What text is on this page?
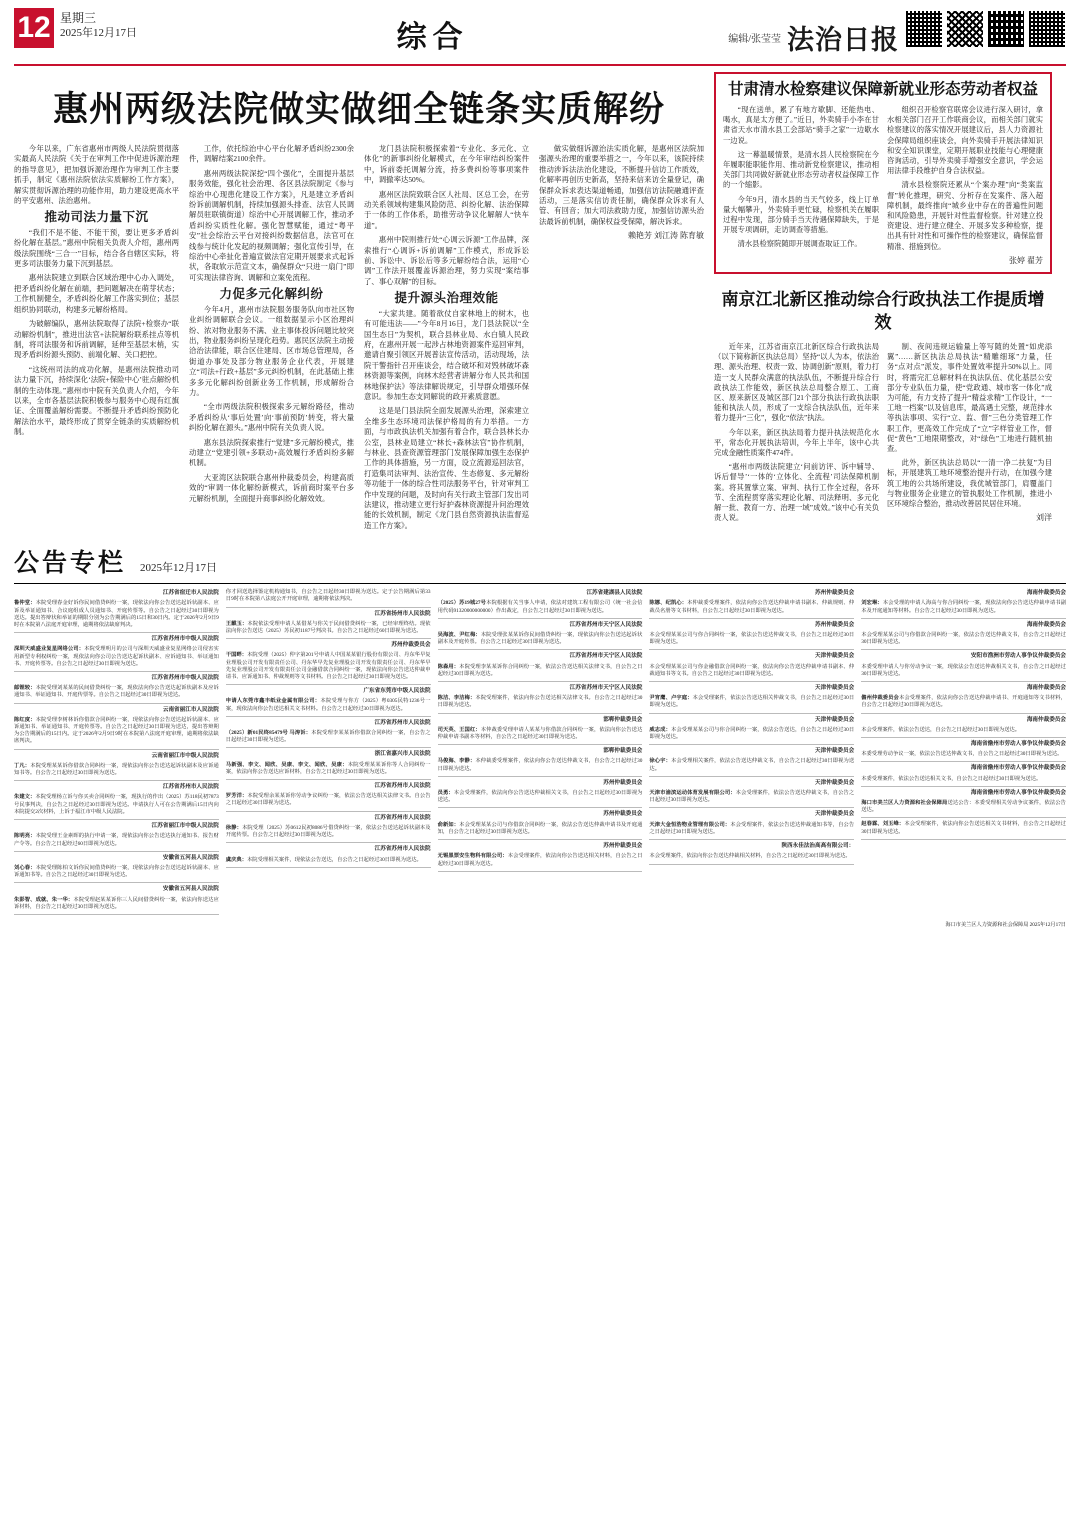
12 星期三
2025年12月17日	综合	编辑/张莹莹 法治日报
惠州两级法院做实做细全链条实质解纷

今年以来，广东省惠州市两级人民法院贯彻落实最高人民法院《关于在审判工作中促进诉源治理的指导意见》，把加强诉源治理作为审判工作主要抓手，制定《惠州法院依法实质解纷工作方案》，解实贯彻诉源治理的功能作用，助力建设更高水平的平安惠州、法治惠州。

推动司法力量下沉

“我们不是不能、不能干预，要让更多矛盾纠纷化解在基层。”惠州中院相关负责人介绍，惠州两级法院围绕“三合一”目标，结合各自辖区实际，将更多司法服务力量下沉到基层。

惠州法院建立到联合区域治理中心办入调处，把矛盾纠纷化解在前端，把问题解决在萌芽状态；工作机制健全，矛盾纠纷化解工作落实到位；基层组织协同联动，构建多元解纷格局。

为破解编队，惠州法院取得了法院+检察办“联动解纷机制”，推进出法官+法院解纷联系挂点等机制，将司法服务和诉前调解，延伸至基层末梢，实现矛盾纠纷源头预防、前端化解、关口把控。

“这统州司法的成功化解，是惠州法院推动司法力量下沉，持续深化‘法院+保险中心’驻点解纷机制的生动体现。”惠州市中院有关负责人介绍，今年以来，全市各基层法院积极参与服务中心现有红旗证、全面覆盖解纷需要。不断提升矛盾纠纷预防化解法治水平，最终形成了贯穿全链条的实质解纷机制。

工作，依托综治中心平台化解矛盾纠纷2300余件，调解结案2100余件。

惠州两级法院深挖“四个强化”，全面提升基层服务效能，强化社会治理、各区县法院制定《参与综治中心现患化建设工作方案》，凡是建立矛盾纠纷诉前调解机制，持续加强源头排查、法官人民调解员驻联镇街道）综治中心开展调解工作，推动矛盾纠纷实质性化解。强化智慧赋能，通过“粤平安”社会综治云平台对接纠纷数据信息，法官可在线参与统计化发起的视频调解；强化宣传引导，在综治中心牵扯化普遍宣做法官定期开展要求式起诉状，各取软示范宣文本，确保群众“只进一扇门”即可实现法律咨询、调解和立案免流程。

力促多元化解纠纷

今年4月，惠州市法院服务服务队向市社区物业纠纷调解联合会议。一组数据显示小区治理纠纷、浓对物业服务不满、业主事体投诉问题比较突出，物业服务纠纷呈现化趋势。惠民区法院主动接洽治法律能，联合区住建局、区市场总管理局，各街道办事处及部分物业服务企业代表，开展建立“司法+行政+基层”多元纠纷机制，在此基础上推多多元化解纠纷创新业务工作机制，形成解纷合力。

“全市两级法院积极探索多元解纷路径，推动矛盾纠纷从‘事后处置’向‘事前预防’转变，将大量纠纷化解在源头。”惠州中院有关负责人说。

惠东县法院探索推行“觉建”多元解纷模式，推动建立“党建引领+多联动+高效履行矛盾纠纷多解机制。

大亚湾区法院联合惠州仲裁委员会，构建高质效的“审调一体化解纷新模式，诉前商时案平台多元解纷机制，全面提升商事纠纷化解效效。

龙门县法院积极探索着“专业化、多元化、立体化”的新事纠纷化解模式，在今年审结纠纷案件中，诉前委托调解分流，持多费纠纷等事项案件中，调撤率达50%。

惠州区法院致联合区人社局、区总工会，在劳动关系领域构建集风险防范、纠纷化解、法治保障于一体的工作体系，助推劳动争议化解解人“快车道”。

惠州中院则推行处“心调云诉源”工作品牌，深索推行“心调诉+诉前调解”工作模式，形成诉讼前、诉讼中、诉讼后等多元解纷结合法，运用“心调”工作法开展覆盖诉源治理，努力实现“案结事了、事心双解”的目标。

提升源头治理效能

“大家共建。随着欲仗自家林地上的树木，也有可能违法——”今年8月16日，龙门县法院以“全国生态日”为契机，联合县林业局、水白镇人民政府，在惠州开展一起涉占林地资源案件巡回审判，邀请自聚引领区开展普法宣传活动，活动现场，法院干警指针召开座谈会，结合破坏和对毁林破坏森林资源等案例，向林木经营者讲解分布人民共和国林地保护法》等法律解说规定，引导群众增强环保意识。参加生态支同解说的政开素质意愿。

这是是门县法院全面发展源头治理，深索建立全维多生态环境司法保护格局的有力举措。一方面，与市政执法机关加强有着合作，联合县林长办公室，县林业局建立“林长+森林法官”协作机制，与林业、县查资源管理部门发展保障加强生态保护工作的具体措施，另一方面，设立流源巡回法官，打造集司法审判、法治宣传、生态修复、多元解纷等功能于一体的综合性司法服务平台，针对审判工作中发现的问题，及时向有关行政主管部门发出司法建议，推动建立更行好护森林资源提升问治理效能的长效机制，制定《龙门县自然资源执法监督巡造工作方案》。

做实做细诉源治法实质化解，是惠州区法院加强源头治理的重要举措之一，今年以来，该院持续推动涉诉法法治化建设，不断提升信访工作质效，化解率再创历史新高，坚持来信来访全量登记，确保群众诉求表达渠道畅通，加强信访法院融通评查活动，三是落实信访责任制，确保群众诉求有人管、有回音；加大司法救助力度，加强信访源头治法最诉前机制，确保权益受保障，解决诉求。

赖艳芳 刘江涛 陈育敏
甘肃清水检察建议保障新就业形态劳动者权益

“现在送单，累了有地方歇脚、还能热电、喝水，真是太方便了。”近日，外卖骑手小李在甘肃省天水市清水县工会部站“骑手之家”一边歇水一边说。

这一幕温暖情景，是清水县人民检察院在今年履职能职能作用、推动新党检察建议，推动相关部门共同做好新就业形态劳动者权益保障工作的一个缩影。

今年9月，清水县的当天气较多，线上订单量大幅攀升，外卖骑手更忙碌，检察机关在履职过程中发现，部分骑手当天待遇保障缺失，于是开展专项调研，走访调查等措施。

清水县检察院随即开展调查取证工作。

组织召开检察官联席会议进行深入研讨，拿水相关部门召开工作联商会议，而相关部门就实检察建议的落实情况开展建议后，县人力资源社会保障局组织座谈会，向外卖骑手开展法律知识和安全知识课堂，定期开展职业技能与心理健康咨询活动，引导外卖骑手增强安全意识，学会运用法律手段维护自身合法权益。

清水县检察院还累从“个案办理”向“类案监督”转化推理，研究、分析存在发案件、落入超障机制，最终推向“城乡业中存在的普遍性问题和风险隐患，开展针对性监督检察。针对建立投资建设、进行建立健全、开展多发多种检察，提出具有针对性和可操作性的检察建议，确保监督精准、措施到位。

张婷 翟芳
南京江北新区推动综合行政执法工作提质增效

近年来，江苏省南京江北新区综合行政执法局（以下简称新区执法总局）坚持“以人为本，依法治理、源头治理、权责一致、协调创新”原则，着力打造一支人民群众满意的执法队伍，不断提升综合行政执法工作能效，新区执法总局整合原工、工商区、原来新区及城区部门21个部分执法行政执法职能和执法人员，形成了一支综合执法队伍，近年来着力提升“三化”，强化“依法”执法。

今年以来，新区执法局着力提升执法规范化水平，常态化开展执法培训，今年上半年，该中心共完成金融性质案件474件。

“惠州市两级法院建立‘问前访评、诉中辅导、诉后督导’‘一体的‘立体化、全流程’司法保障机制案。将其置掌立案、审判、执行工作全过程，各环节、全流程贯穿落实理论化解、司法释明、多元化解一批、教育一方、治理一域”成效。”该中心有关负责人说。

制、夜间违规运输量上等写随的处置“如虎添翼”……新区执法总局执法“精雕细琢”力量，任务“点对点”派发，事件处置效率提升50%以上。同时，将需完汇总解材料在执法队伍、优化基层公安部分专业队伍力量，使“党政通、城市客一体化”成为可能，有力支持了提升“精益求精”工作设计，“一工地一档案”以及信息库，最高遇土完整，规范排水等执法事项、实行“立、监、督”三色分类管理工作职工作，更高效工作完成了“立”字样管业工作，督促“黄色”工地限期整改，对“绿色”工地进行随机抽查。

此外，新区执法总局以“一清一净二扶复”为目标，开展建筑工地环境整治提升行动，在加强今建筑工地的公共场所建设，我优城管部门，肩覆盖门与物业服务企业建立的管执服处工作机制，推进小区环境综合整治，推动改善居民居住环境。

刘洋
公告专栏 2025年12月17日
江苏省宿迁市人民法院

鲁仲堂：本院受理春金好诉你民间借贷纠纷一案，现依法向你公告送达起诉状副本、应诉及举证通知书、合议庭组成人员通知书、开庭传票等。自公告之日起经过30日即视为送达。提出答辩状和举证的期限分别为公告期满后的15日和30日内。定于2026年2月9日9时在本院第八法庭开庭审理，逾期将依法缺席判决。

江苏省苏州市中级人民法院

深圳天威盛业复星网络公司：本院受理明月的公司与深圳天威盛业复星网络公司侵害实用新型专利权纠纷一案，现依法向你公司公告送达起诉状副本、应诉通知书、举证通知书、开庭传票等。自公告之日起经过30日即视为送达。

江苏省苏州市中级人民法院

邮锂较：本院受理刘某某的民间借贷纠纷一案，现依法向你公告送达起诉状副本及应诉通知书、举证通知书、开庭传票等。自公告之日起经过30日即视为送达。

云南省丽江市人民法院

陈红度：本院受理李树林诉你借款合同纠纷一案，现依法向你公告送达起诉状副本、应诉通知书、举证通知书、开庭传票等。自公告之日起经过30日即视为送达，提出答辩期为公告期满后的15日内。定于2026年2月9日9时在本院第八法庭开庭审理，逾期将依法缺席判决。

云南省丽江市中级人民法院

丁凡：本院受理某某诉你借款合同纠纷一案，现依法向你公告送达起诉状副本及应诉通知书等。自公告之日起经过30日即视为送达。

江苏省苏州市人民法院

朱建文：本院受理杨立诉与你买卖合同纠纷一案，现执行的作出（2025）苏118民初7873号民事判决，自公告之日起经过30日即视为送达。申请执行人可在公告期满后15日内向本院提交2次材料，上诉于福江市中级人民法院。

江苏省丽江市中级人民法院

陈明亮：本院受理王金素晖的执行申请一案，现依法向你公告送达执行通知书、报告财产令等。自公告之日起经过60日即视为送达。

安徽省五河县人民法院

刘心春：本院受理陈柏文诉你民间借贷纠纷一案，现依法向你公告送达起诉状副本、应诉通知书等。自公告之日起经过30日即视为送达。

安徽省五河县人民法院

朱彭智、成就、朱一华：本院受理赵某某诉你三人民间借贷纠纷一案，依法向你送达应诉材料，自公告之日起经过30日即视为送达。

你才回送选择鉴定机构通知书，自公告之日起经30日即视为送达。定于公告期满后第33日9时在本院第八法庭公开开庭审理，逾期将依法判决。

江苏省扬州市人民法院

王麒玉：本院依法受理申请人某借某与你关于民间借贷纠纷一案，已经审理终结。现依法向你公告送达（2025）苏民初1187号判决书。自公告之日起经过60日即视为送达。

苏州仲裁委员会

干国畔：本院受理（2025）仲字第201号申请人中国某某银行股份有限公司、丹东华早复业理股公司开发有限责任公司、丹东华早先复业理股公司开发有限责任公司、丹东华早先复业理股公司开发有限责任公司金融借款合同纠纷一案，现依法向你公告送达仲裁申请书、应诉通知书、仲裁规则等文书材料。自公告之日起经过30日即视为送达。

广东省东莞市中级人民法院

申请人东莞市鑫丰纸业金属有限公司：本院受理与你方（2025）粤0305民特1236号一案，现依法向你公告送达相关文书材料。自公告之日起经过30日即视为送达。

江苏省苏州市人民法院

（2025）新01民终85479号 马涛诉：本院受理李某某诉你借款合同纠纷一案，自公告之日起经过30日即视为送达。

浙江省嘉兴市人民法院

马新强、李文、闻欣、吴康、李文、闻欣、吴康：本院受理某某诉你等人合同纠纷一案，依法向你公告送达应诉材料，自公告之日起经过30日即视为送达。

江苏省苏州市人民法院

罗芳洋：本院受理余某某诉你劳动争议纠纷一案，依法公告送达相关法律文书。自公告之日起经过30日即视为送达。

江苏省苏州市人民法院

徐静：本院受理（2025）苏0612民初8086号借贷纠纷一案，依法公告送达起诉状副本及开庭传票。自公告之日起经过30日即视为送达。

江苏省苏州市人民法院

虞庆典：本院受理相关案件，现依法公告送达，自公告之日起经过30日即视为送达。

江苏省建湖县人民法院

（2025）苏19城27号本院根据有关当事人申请，依法对建筑工程有限公司（统一社会信用代码91320000000000）作出裁定，自公告之日起经过30日即视为送达。

江苏省苏州市天宁区人民法院

吴海波、尹红梅：本院受理张某某诉你民间借贷纠纷一案，现依法向你公告送达起诉状副本及开庭传票。自公告之日起经过30日即视为送达。

江苏省苏州市天宁区人民法院

陈森用：本院受理李某某诉你合同纠纷一案，依法公告送达相关法律文书，自公告之日起经过30日即视为送达。

江苏省苏州市天宁区人民法院

陈洁、李洁梅：本院受理案件，依法向你公告送达相关法律文书。自公告之日起经过30日即视为送达。

邯郸仲裁委员会

司天英、王国红：本仲裁委受理申请人某某与你借款合同纠纷一案，依法向你公告送达仲裁申请书副本等材料，自公告之日起经过30日即视为送达。

邯郸仲裁委员会

马俊海、李静：本仲裁委受理案件，依法向你公告送达仲裁文书，自公告之日起经过30日即视为送达。

苏州仲裁委员会

员勇：本会受理案件，依法向你公告送达仲裁相关文书，自公告之日起经过30日即视为送达。

苏州仲裁委员会

俞新如：本会受理某某公司与你借款合同纠纷一案，依法公告送达仲裁申请书及开庭通知，自公告之日起经过30日即视为送达。

苏州仲裁委员会

无锡黑票安生物科有限公司：本会受理案件，依法向你公告送达相关材料，自公告之日起经过30日即视为送达。

苏州仲裁委员会

陈娜、纪凯心：本仲裁委受理案件，依法向你公告送达仲裁申请书副本、仲裁规则、仲裁员名册等文书材料，自公告之日起经过30日即视为送达。

苏州仲裁委员会

本会受理某某公司与你合同纠纷一案，依法公告送达仲裁文书，自公告之日起经过30日即视为送达。

天津仲裁委员会

本会受理某某公司与你金融借款合同纠纷一案，依法向你公告送达仲裁申请书副本、仲裁通知书等文书。自公告之日起经过30日即视为送达。

天津仲裁委员会

尹宵鹰、卢宇庭：本会受理案件，依法公告送达相关仲裁文书，自公告之日起经过30日即视为送达。

天津仲裁委员会

威志成：本会受理某某公司与你合同纠纷一案，依法公告送达，自公告之日起经过30日即视为送达。

天津仲裁委员会

徐心宇：本会受理相关案件，依法公告送达仲裁文书，自公告之日起经过30日即视为送达。

天津仲裁委员会

天津市渝滨运动体育发展有限公司：本会受理案件，依法公告送达仲裁文书，自公告之日起经过30日即视为送达。

天津仲裁委员会

天津大金恒浩物业管理有限公司：本会受理案件，依法公告送达仲裁通知书等，自公告之日起经过30日即视为送达。

陕西永佳法治高高有限公司：

本会受理案件，依法向你公告送达仲裁相关材料，自公告之日起经过30日即视为送达。

海南仲裁委员会

刘宏琳：本会受理的申请人海高与你合同纠纷一案，现依法向你公告送达仲裁申请书副本及开庭通知等材料。自公告之日起经过30日即视为送达。

海南仲裁委员会

本会受理某某公司与你借款合同纠纷一案，依法公告送达仲裁文书，自公告之日起经过30日即视为送达。

安阳市渔洲市劳动人事争议仲裁委员会

本委受理申请人与你劳动争议一案，现依法公告送达仲裁相关文书，自公告之日起经过30日即视为送达。

海南仲裁委员会

儋州仲裁委员会本会受理案件，依法向你公告送达仲裁申请书、开庭通知等文书材料，自公告之日起经过30日即视为送达。

海南仲裁委员会

本会受理案件，依法公告送达，自公告之日起经过30日即视为送达。

海南省儋州市劳动人事争议仲裁委员会

本委受理劳动争议一案，依法公告送达仲裁文书，自公告之日起经过30日即视为送达。

海南省儋州市劳动人事争议仲裁委员会

本委受理案件，依法公告送达相关文书，自公告之日起经过30日即视为送达。

海南省儋州市劳动人事争议仲裁委员会

海口市美兰区人力资源和社会保障局送达公告：本委受理相关劳动争议案件，依法公告送达。

赵春霖、刘玉峰：本会受理案件，依法向你公告送达相关文书材料，自公告之日起经过30日即视为送达。

海口市美兰区人力资源和社会保障局 2025年12月17日
